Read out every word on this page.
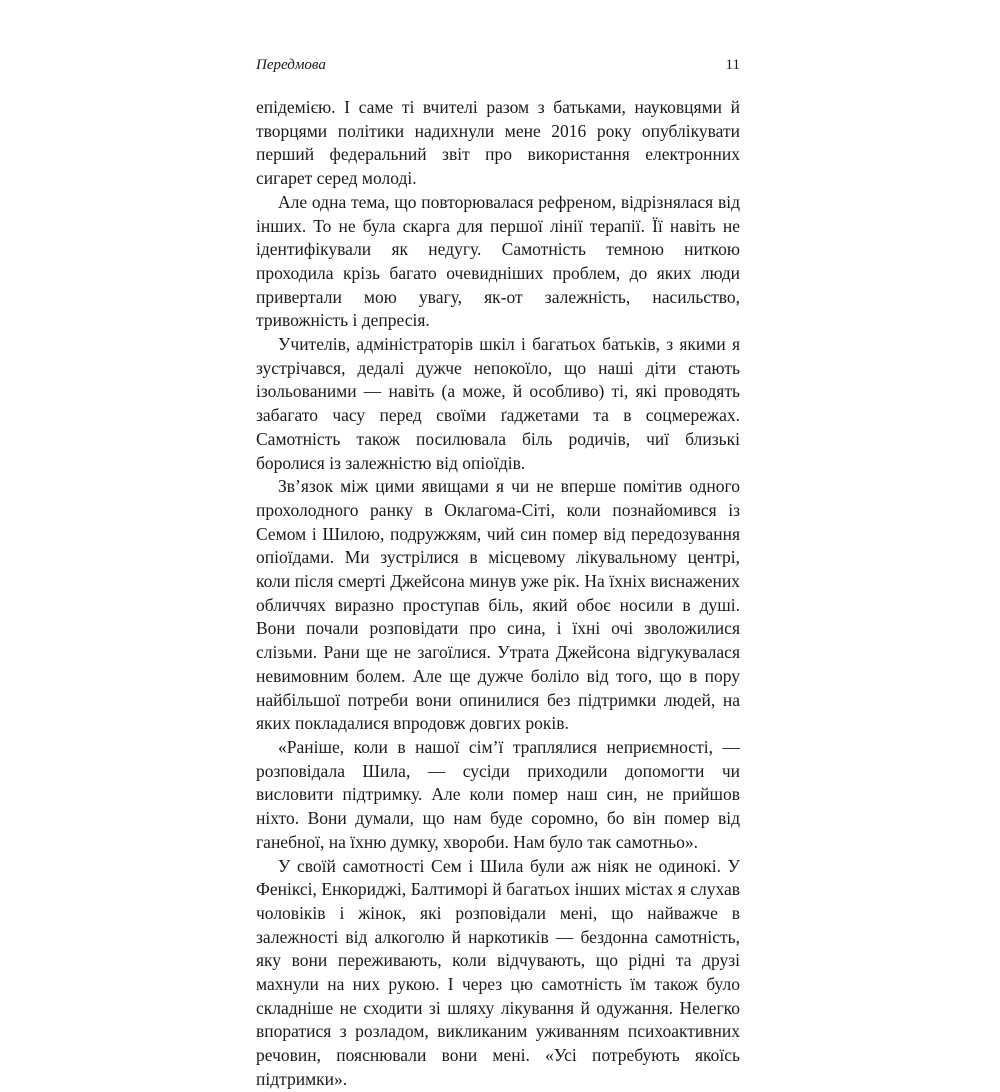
Передмова	11

епідемією. І саме ті вчителі разом з батьками, науковцями й творцями політики надихнули мене 2016 року опублікувати перший федеральний звіт про використання електронних сигарет серед молоді.

Але одна тема, що повторювалася рефреном, відрізнялася від інших. То не була скарга для першої лінії терапії. Її навіть не ідентифікували як недугу. Самотність темною ниткою проходила крізь багато очевидніших проблем, до яких люди привертали мою увагу, як-от залежність, насильство, тривожність і депресія.

Учителів, адміністраторів шкіл і багатьох батьків, з якими я зустрічався, дедалі дужче непокоїло, що наші діти стають ізольованими — навіть (а може, й особливо) ті, які проводять забагато часу перед своїми ґаджетами та в соцмережах. Самотність також посилювала біль родичів, чиї близькі боролися із залежністю від опіоїдів.

Зв’язок між цими явищами я чи не вперше помітив одного прохолодного ранку в Оклагома-Сіті, коли познайомився із Семом і Шилою, подружжям, чий син помер від передозування опіоїдами. Ми зустрілися в місцевому лікувальному центрі, коли після смерті Джейсона минув уже рік. На їхніх виснажених обличчях виразно проступав біль, який обоє носили в душі. Вони почали розповідати про сина, і їхні очі зволожилися слізьми. Рани ще не загоїлися. Утрата Джейсона відгукувалася невимовним болем. Але ще дужче боліло від того, що в пору найбільшої потреби вони опинилися без підтримки людей, на яких покладалися впродовж довгих років.

«Раніше, коли в нашої сім’ї траплялися неприємності, — розповідала Шила, — сусіди приходили допомогти чи висловити підтримку. Але коли помер наш син, не прийшов ніхто. Вони думали, що нам буде соромно, бо він помер від ганебної, на їхню думку, хвороби. Нам було так самотньо».

У своїй самотності Сем і Шила були аж ніяк не одинокі. У Феніксі, Енкориджі, Балтиморі й багатьох інших містах я слухав чоловіків і жінок, які розповідали мені, що найважче в залежності від алкоголю й наркотиків — бездонна самотність, яку вони переживають, коли відчувають, що рідні та друзі махнули на них рукою. І через цю самотність їм також було складніше не сходити зі шляху лікування й одужання. Нелегко впоратися з розладом, викликаним уживанням психоактивних речовин, пояснювали вони мені. «Усі потребують якоїсь підтримки».
